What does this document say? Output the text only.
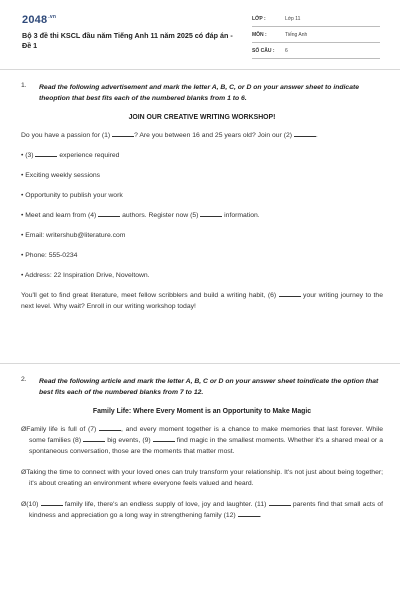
$2048^{.vn}$
Bộ 3 đề thi KSCL đầu năm Tiếng Anh 11 năm 2025 có đáp án - Đề 1
LỚP :	Lớp 11
MÔN :	Tiếng Anh
SỐ CÂU : 6
1. Read the following advertisement and mark the letter A, B, C, or D on your answer sheet to indicate theoption that best fits each of the numbered blanks from 1 to 6.
JOIN OUR CREATIVE WRITING WORKSHOP!
Do you have a passion for (1)	? Are you between 16 and 25 years old? Join our (2)	.
• (3)	experience required
• Exciting weekly sessions
• Opportunity to publish your work
• Meet and learn from (4)	authors. Register now (5)	information.
• Email: writershub@literature.com
• Phone: 555-0234
• Address: 22 Inspiration Drive, Noveltown.
You'll get to find great literature, meet fellow scribblers and build a writing habit, (6)	your writing journey to the next level. Why wait? Enroll in our writing workshop today!
2. Read the following article and mark the letter A, B, C or D on your answer sheet toindicate the option that best fits each of the numbered blanks from 7 to 12.
Family Life: Where Every Moment is an Opportunity to Make Magic
ØFamily life is full of (7)	, and every moment together is a chance to make memories that last forever. While some families (8)	big events, (9)	find magic in the smallest moments. Whether it's a shared meal or a spontaneous conversation, those are the moments that matter most.
ØTaking the time to connect with your loved ones can truly transform your relationship. It's not just about being together; it's about creating an environment where everyone feels valued and heard.
Ø(10)	family life, there's an endless supply of love, joy and laughter. (11)	parents find that small acts of kindness and appreciation go a long way in strengthening family (12)	.
